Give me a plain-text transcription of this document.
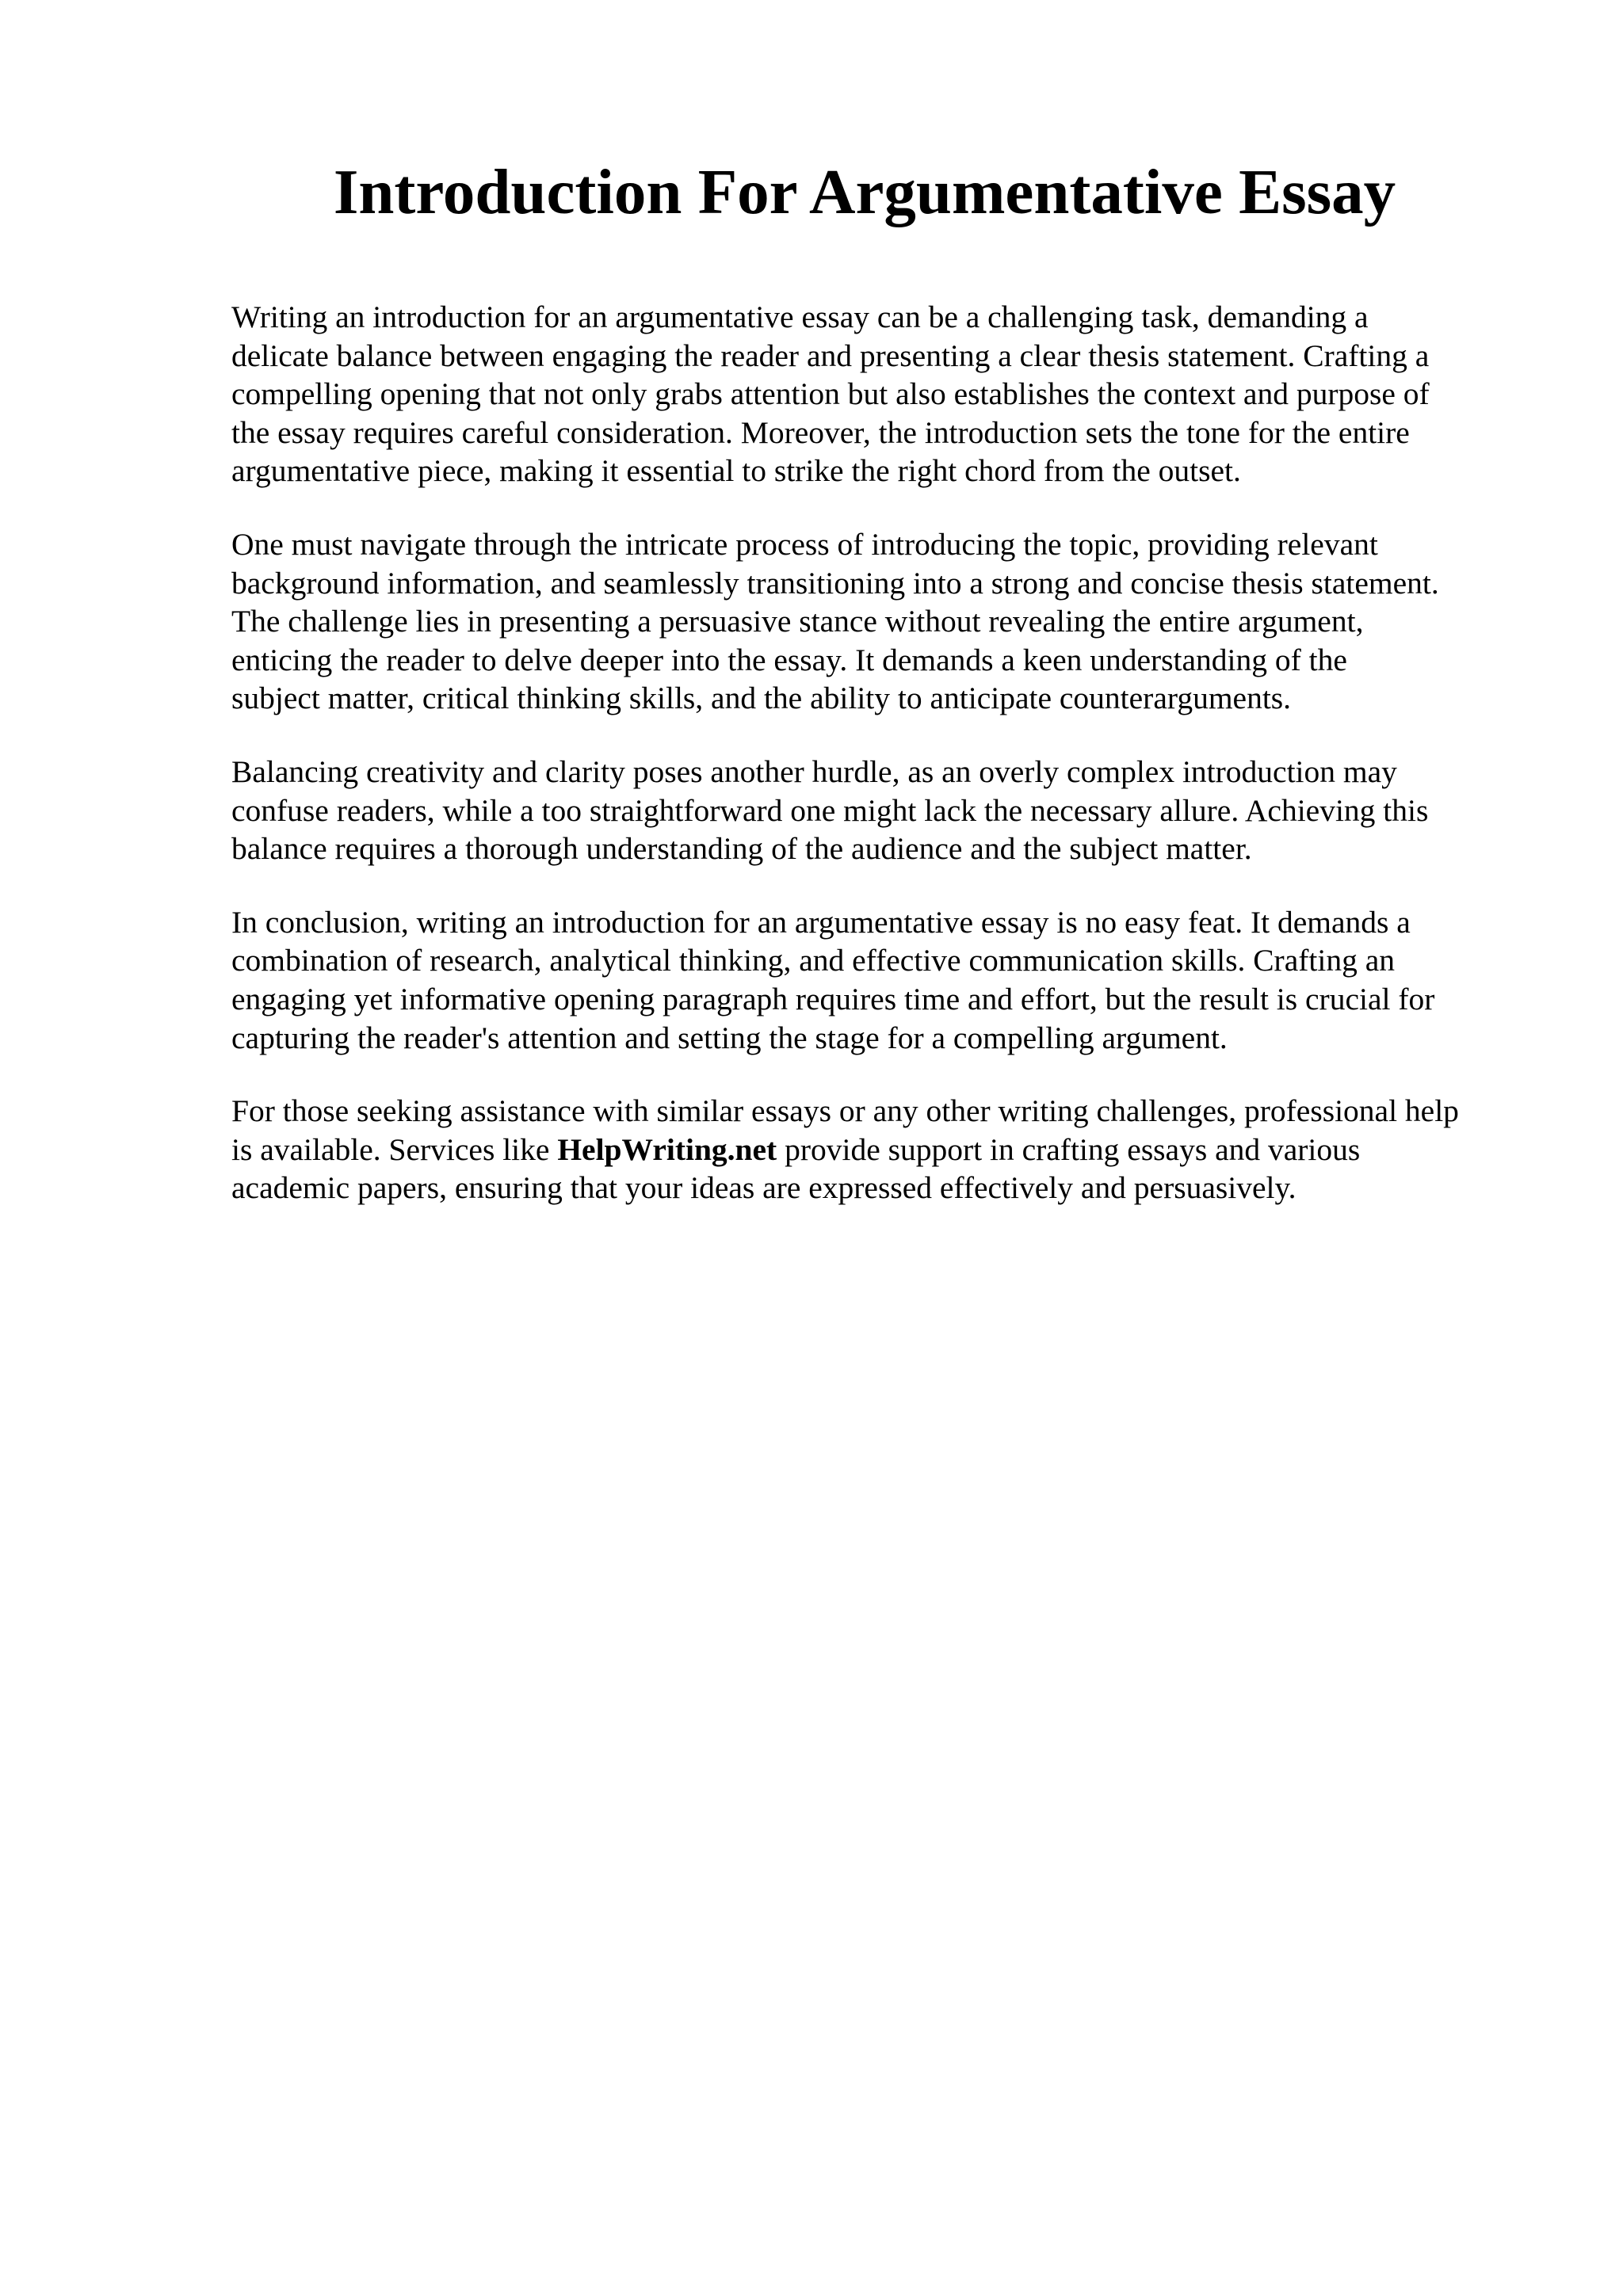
Introduction For Argumentative Essay

Writing an introduction for an argumentative essay can be a challenging task, demanding a
delicate balance between engaging the reader and presenting a clear thesis statement. Crafting a
compelling opening that not only grabs attention but also establishes the context and purpose of
the essay requires careful consideration. Moreover, the introduction sets the tone for the entire
argumentative piece, making it essential to strike the right chord from the outset.

One must navigate through the intricate process of introducing the topic, providing relevant
background information, and seamlessly transitioning into a strong and concise thesis statement.
The challenge lies in presenting a persuasive stance without revealing the entire argument,
enticing the reader to delve deeper into the essay. It demands a keen understanding of the
subject matter, critical thinking skills, and the ability to anticipate counterarguments.

Balancing creativity and clarity poses another hurdle, as an overly complex introduction may
confuse readers, while a too straightforward one might lack the necessary allure. Achieving this
balance requires a thorough understanding of the audience and the subject matter.

In conclusion, writing an introduction for an argumentative essay is no easy feat. It demands a
combination of research, analytical thinking, and effective communication skills. Crafting an
engaging yet informative opening paragraph requires time and effort, but the result is crucial for
capturing the reader's attention and setting the stage for a compelling argument.

For those seeking assistance with similar essays or any other writing challenges, professional help
is available. Services like HelpWriting.net provide support in crafting essays and various
academic papers, ensuring that your ideas are expressed effectively and persuasively.
